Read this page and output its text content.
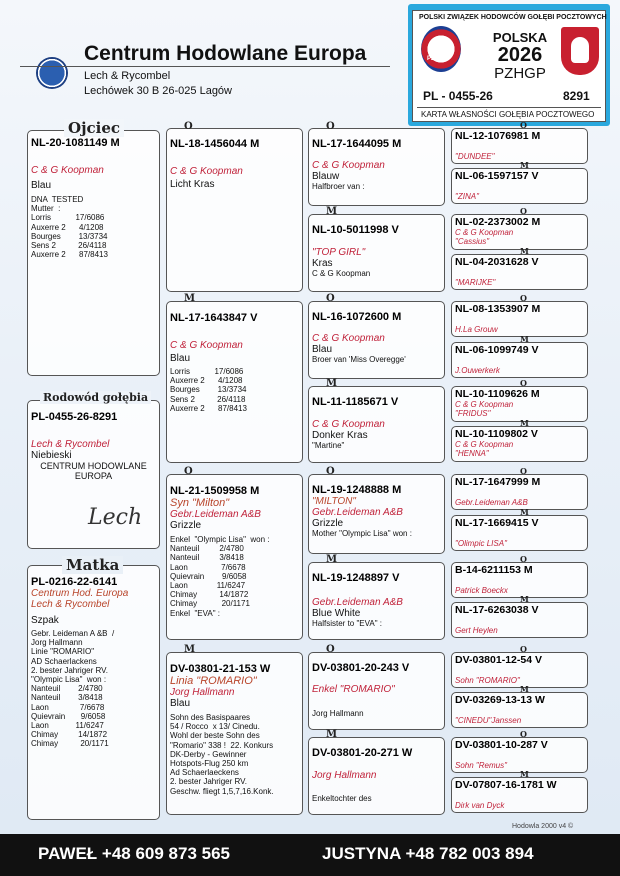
Centrum Hodowlane Europa
Lech & Rycombel
Lechówek 30 B 26-025 Lagów
POLSKI ZWIĄZEK HODOWCÓW GOŁĘBI POCZTOWYCH
PZHGP
POLSKA
2026
PZHGP
PL - 0455-26	8291
KARTA WŁASNOŚCI GOŁĘBIA POCZTOWEGO
NL-20-1081149 M
C & G Koopman
Blau
DNA  TESTED
Mutter  :
Lorris           17/6086
Auxerre 2      4/1208
Bourges        13/3734
Sens 2          26/4118
Auxerre 2      87/8413
Ojciec
PL-0455-26-8291
Lech & Rycombel
Niebieski
CENTRUM HODOWLANE
EUROPA
Lech
Rodowód gołębia
PL-0216-22-6141
Centrum Hod. Europa
Lech & Rycombel
Szpak
Gebr. Leideman A &B  /
Jorg Hallmann
Linie "ROMARIO"
AD Schaerlackens
2. bester Jahriger RV.
"Olympic Lisa"  won :
Nanteuil        2/4780
Nanteuil        3/8418
Laon              7/6678
Quievrain       9/6058
Laon            11/6247
Chimay         14/1872
Chimay          20/1171
Matka
NL-18-1456044 M
C & G Koopman
Licht Kras
O
NL-17-1643847 V
C & G Koopman
Blau
Lorris           17/6086
Auxerre 2      4/1208
Bourges        13/3734
Sens 2          26/4118
Auxerre 2      87/8413
M
NL-21-1509958 M
Syn "Milton"
Gebr.Leideman A&B
Grizzle
Enkel  "Olympic Lisa"  won :
Nanteuil         2/4780
Nanteuil         3/8418
Laon               7/6678
Quievrain        9/6058
Laon             11/6247
Chimay          14/1872
Chimay           20/1171
Enkel  "EVA" :
O
DV-03801-21-153 W
Linia "ROMARIO"
Jorg Hallmann
Blau
Sohn des Basispaares
54 / Rocco  x 13/ Cinedu.
Wohl der beste Sohn des
"Romario" 338 !  22. Konkurs
DK-Derby - Gewinner
Hotspots-Flug 250 km
Ad Schaerlaeckens
2. bester Jahriger RV.
Geschw. fliegt 1,5,7,16.Konk.
M
NL-17-1644095 M
C & G Koopman
Blauw
Halfbroer van :
O
NL-10-5011998 V
"TOP GIRL"
Kras
C & G Koopman
M
NL-16-1072600 M
C & G Koopman
Blau
Broer van 'Miss Overegge'
O
NL-11-1185671 V
C & G Koopman
Donker Kras
"Martine"
M
NL-19-1248888 M
"MILTON"
Gebr.Leideman A&B
Grizzle
Mother "Olympic Lisa" won :
O
NL-19-1248897 V
Gebr.Leideman A&B
Blue White
Halfsister to "EVA" :
M
DV-03801-20-243 V
Enkel "ROMARIO"
Jorg Hallmann
O
DV-03801-20-271 W
Jorg Hallmann
Enkeltochter des
M
NL-12-1076981 M
"DUNDEE"
O
NL-06-1597157 V
"ZINA"
M
NL-02-2373002 M
C & G Koopman
"Cassius"
O
NL-04-2031628 V
"MARIJKE"
M
NL-08-1353907 M
H.La Grouw
O
NL-06-1099749 V
J.Ouwerkerk
M
NL-10-1109626 M
C & G Koopman
"FRIDUS"
O
NL-10-1109802 V
C & G Koopman
"HENNA"
M
NL-17-1647999 M
Gebr.Leideman A&B
O
NL-17-1669415 V
"Olimpic LISA"
M
B-14-6211153 M
Patrick Boeckx
O
NL-17-6263038 V
Gert Heylen
M
DV-03801-12-54 V
Sohn "ROMARIO"
O
DV-03269-13-13 W
"CINEDU"Janssen
M
DV-03801-10-287 V
Sohn "Remus"
O
DV-07807-16-1781 W
Dirk van Dyck
M
Hodowla 2000 v4 ©
PAWEŁ +48 609 873 565	JUSTYNA +48 782 003 894
